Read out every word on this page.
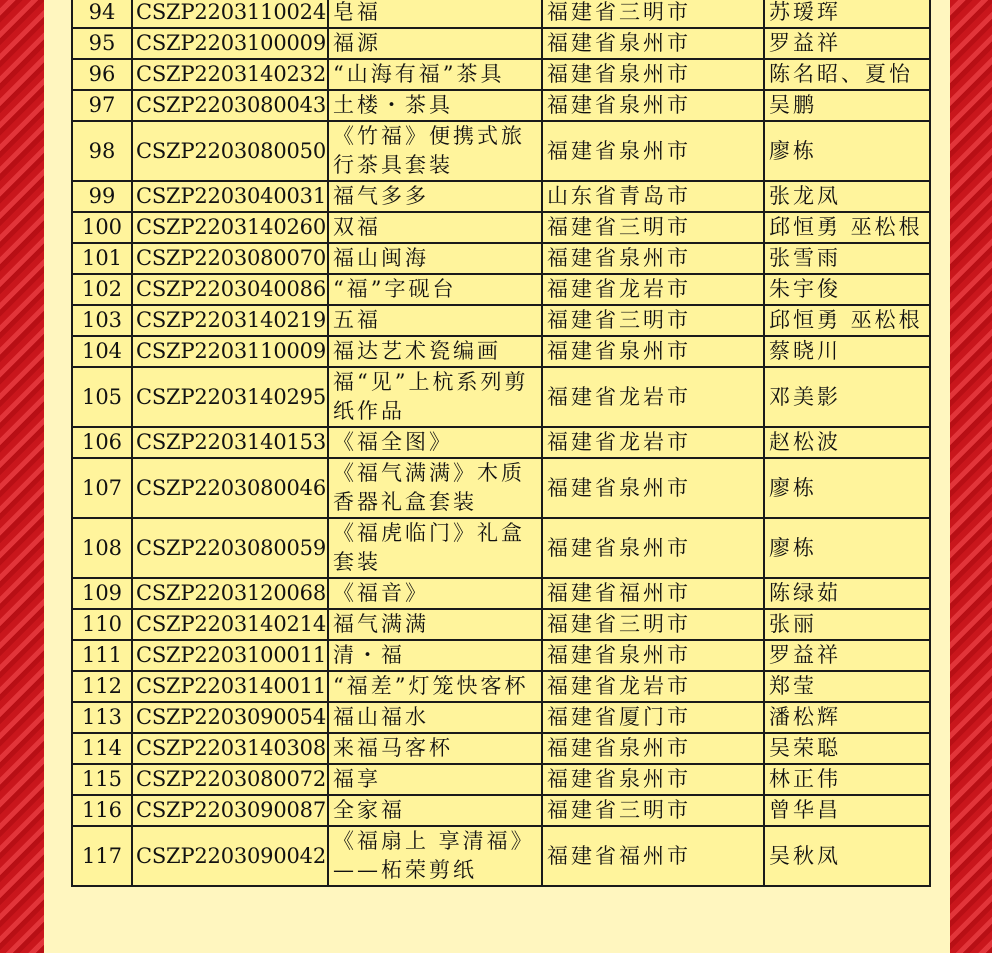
94	CSZP2203110024	皂福	福建省三明市	苏瑷珲
95	CSZP2203100009	福源	福建省泉州市	罗益祥
96	CSZP2203140232	“山海有福”茶具	福建省泉州市	陈名昭、夏怡
97	CSZP2203080043	土楼・茶具	福建省泉州市	吴鹏
98	CSZP2203080050	《竹福》便携式旅行茶具套装	福建省泉州市	廖栋
99	CSZP2203040031	福气多多	山东省青岛市	张龙凤
100	CSZP2203140260	双福	福建省三明市	邱恒勇 巫松根
101	CSZP2203080070	福山闽海	福建省泉州市	张雪雨
102	CSZP2203040086	“福”字砚台	福建省龙岩市	朱宇俊
103	CSZP2203140219	五福	福建省三明市	邱恒勇 巫松根
104	CSZP2203110009	福达艺术瓷编画	福建省泉州市	蔡晓川
105	CSZP2203140295	福“见”上杭系列剪纸作品	福建省龙岩市	邓美影
106	CSZP2203140153	《福全图》	福建省龙岩市	赵松波
107	CSZP2203080046	《福气满满》木质香器礼盒套装	福建省泉州市	廖栋
108	CSZP2203080059	《福虎临门》礼盒套装	福建省泉州市	廖栋
109	CSZP2203120068	《福音》	福建省福州市	陈绿茹
110	CSZP2203140214	福气满满	福建省三明市	张丽
111	CSZP2203100011	清・福	福建省泉州市	罗益祥
112	CSZP2203140011	“福差”灯笼快客杯	福建省龙岩市	郑莹
113	CSZP2203090054	福山福水	福建省厦门市	潘松辉
114	CSZP2203140308	来福马客杯	福建省泉州市	吴荣聪
115	CSZP2203080072	福享	福建省泉州市	林正伟
116	CSZP2203090087	全家福	福建省三明市	曾华昌
117	CSZP2203090042	《福扇上 享清福》——柘荣剪纸	福建省福州市	吴秋凤
